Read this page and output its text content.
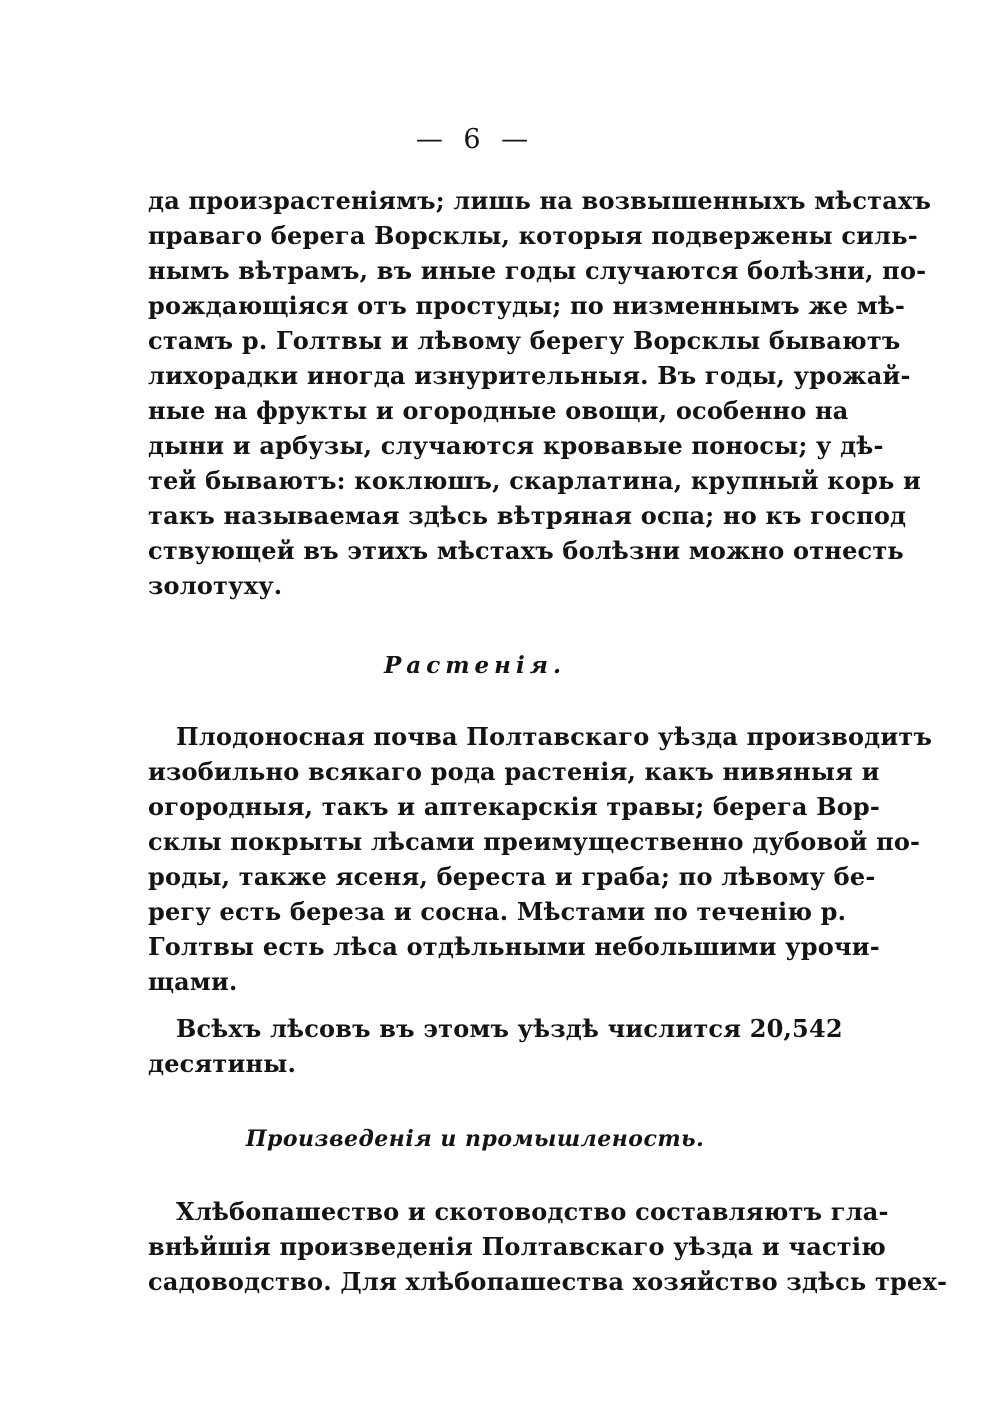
— 6 —
да произрастеніямъ; лишь на возвышенныхъ мѣстахъ
праваго берега Ворсклы, которыя подвержены силь-
нымъ вѣтрамъ, въ иные годы случаются болѣзни, по-
рождающіяся отъ простуды; по низменнымъ же мѣ-
стамъ р. Голтвы и лѣвому берегу Ворсклы бываютъ
лихорадки иногда изнурительныя. Въ годы, урожай-
ные на фрукты и огородные овощи, особенно на
дыни и арбузы, случаются кровавые поносы; у дѣ-
тей бываютъ: коклюшъ, скарлатина, крупный корь и
такъ называемая здѣсь вѣтряная оспа; но къ господ
ствующей въ этихъ мѣстахъ болѣзни можно отнесть
золотуху.
Растенія.
Плодоносная почва Полтавскаго уѣзда производитъ
изобильно всякаго рода растенія, какъ нивяныя и
огородныя, такъ и аптекарскія травы; берега Вор-
склы покрыты лѣсами преимущественно дубовой по-
роды, также ясеня, береста и граба; по лѣвому бе-
регу есть береза и сосна. Мѣстами по теченію р.
Голтвы есть лѣса отдѣльными небольшими урочи-
щами.
Всѣхъ лѣсовъ въ этомъ уѣздѣ числится 20,542
десятины.
Произведенія и промышленость.
Хлѣбопашество и скотоводство составляютъ гла-
внѣйшія произведенія Полтавскаго уѣзда и частію
садоводство. Для хлѣбопашества хозяйство здѣсь трех-
